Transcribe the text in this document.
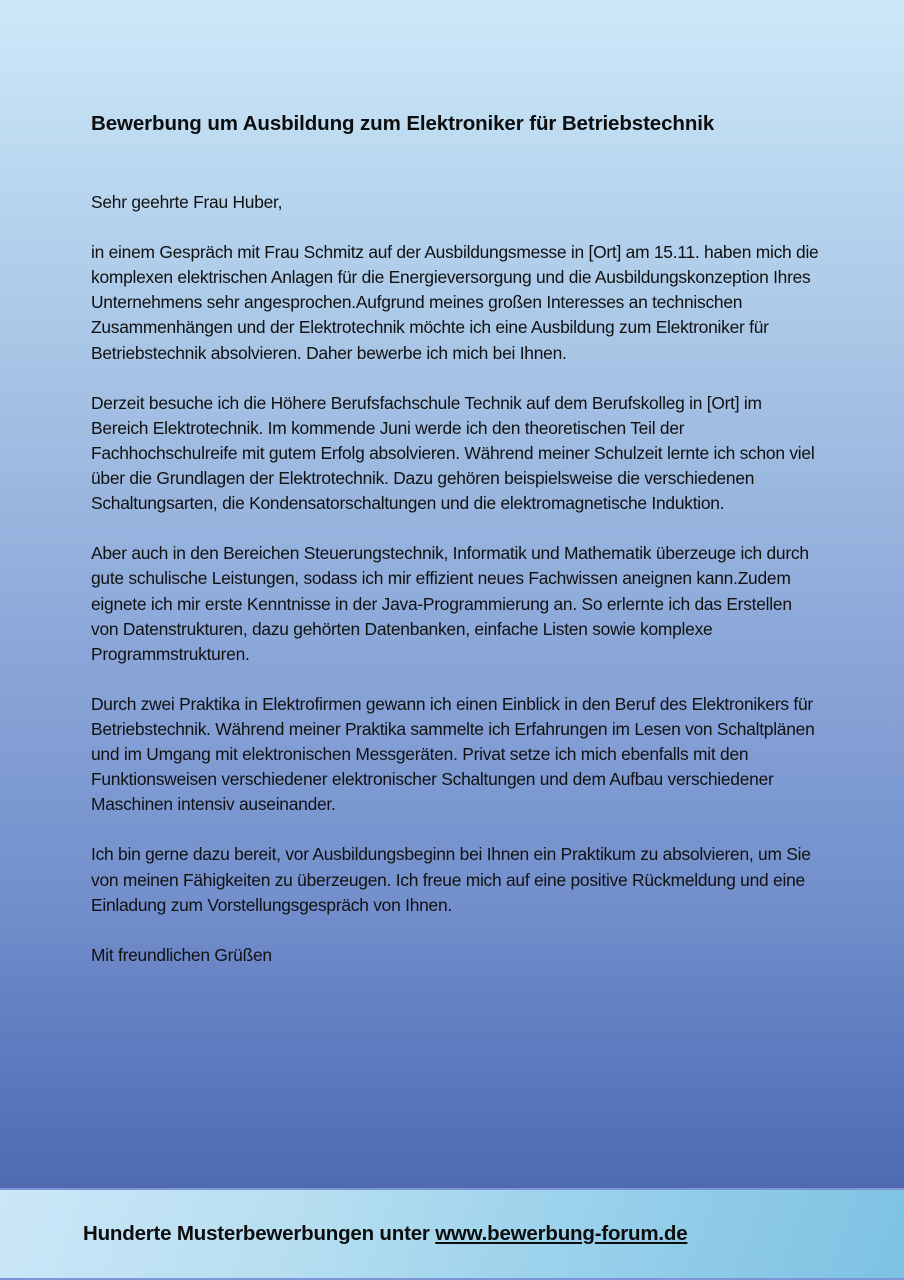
Bewerbung um Ausbildung zum Elektroniker für Betriebstechnik

Sehr geehrte Frau Huber,

in einem Gespräch mit Frau Schmitz auf der Ausbildungsmesse in [Ort] am 15.11. haben mich die komplexen elektrischen Anlagen für die Energieversorgung und die Ausbildungskonzeption Ihres Unternehmens sehr angesprochen.Aufgrund meines großen Interesses an technischen Zusammenhängen und der Elektrotechnik möchte ich eine Ausbildung zum Elektroniker für Betriebstechnik absolvieren. Daher bewerbe ich mich bei Ihnen.

Derzeit besuche ich die Höhere Berufsfachschule Technik auf dem Berufskolleg in [Ort] im Bereich Elektrotechnik. Im kommende Juni werde ich den theoretischen Teil der Fachhochschulreife mit gutem Erfolg absolvieren. Während meiner Schulzeit lernte ich schon viel über die Grundlagen der Elektrotechnik. Dazu gehören beispielsweise die verschiedenen Schaltungsarten, die Kondensatorschaltungen und die elektromagnetische Induktion.

Aber auch in den Bereichen Steuerungstechnik, Informatik und Mathematik überzeuge ich durch gute schulische Leistungen, sodass ich mir effizient neues Fachwissen aneignen kann.Zudem eignete ich mir erste Kenntnisse in der Java-Programmierung an. So erlernte ich das Erstellen von Datenstrukturen, dazu gehörten Datenbanken, einfache Listen sowie komplexe Programmstrukturen.

Durch zwei Praktika in Elektrofirmen gewann ich einen Einblick in den Beruf des Elektronikers für Betriebstechnik. Während meiner Praktika sammelte ich Erfahrungen im Lesen von Schaltplänen und im Umgang mit elektronischen Messgeräten. Privat setze ich mich ebenfalls mit den Funktionsweisen verschiedener elektronischer Schaltungen und dem Aufbau verschiedener Maschinen intensiv auseinander.

Ich bin gerne dazu bereit, vor Ausbildungsbeginn bei Ihnen ein Praktikum zu absolvieren, um Sie von meinen Fähigkeiten zu überzeugen. Ich freue mich auf eine positive Rückmeldung und eine Einladung zum Vorstellungsgespräch von Ihnen.

Mit freundlichen Grüßen

Hunderte Musterbewerbungen unter www.bewerbung-forum.de
